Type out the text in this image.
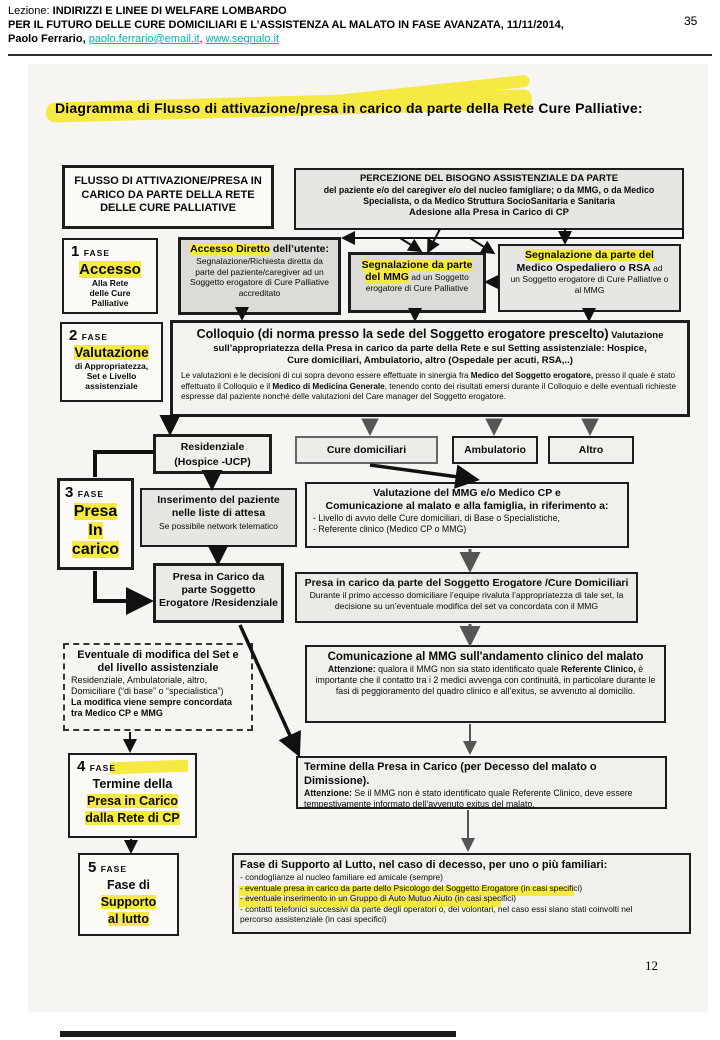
Lezione: INDIRIZZI E LINEE DI WELFARE LOMBARDO
PER IL FUTURO DELLE CURE DOMICILIARI E L’ASSISTENZA AL MALATO IN FASE AVANZATA, 11/11/2014,
Paolo Ferrario, paolo.ferrario@email.it, www.segnalo.it
35
Diagramma di Flusso di attivazione/presa in carico da parte della Rete Cure Palliative:
FLUSSO DI ATTIVAZIONE/PRESA IN CARICO DA PARTE DELLA RETE DELLE CURE PALLIATIVE
PERCEZIONE DEL BISOGNO ASSISTENZIALE DA PARTE
del paziente e/o del caregiver e/o del nucleo famigliare; o da MMG, o da Medico Specialista, o da Medico Struttura SocioSanitaria e Sanitaria
Adesione alla Presa in Carico di CP
1 FASE
Accesso
Alla Rete
delle Cure
Palliative
Accesso Diretto dell’utente:
Segnalazione/Richiesta diretta da parte del paziente/caregiver ad un Soggetto erogatore di Cure Palliative accreditato
Segnalazione da parte
del MMG ad un Soggetto
erogatore di Cure Palliative
Segnalazione da parte del
Medico Ospedaliero o RSA ad
un Soggetto erogatore di Cure Palliative o al MMG
2 FASE
Valutazione
di Appropriatezza,
Set e Livello
assistenziale
Colloquio (di norma presso la sede del Soggetto erogatore prescelto) Valutazione
sull’appropriatezza della Presa in carico da parte della Rete e sul Setting assistenziale: Hospice,
Cure domiciliari, Ambulatorio, altro (Ospedale per acuti, RSA,..)
Le valutazioni e le decisioni di cui sopra devono essere effettuate in sinergia fra Medico del Soggetto erogatore, presso il quale è stato effettuato il Colloquio e il Medico di Medicina Generale, tenendo conto dei risultati emersi durante il Colloquio e delle eventuali richieste espresse dal paziente nonché delle valutazioni del Care manager del Soggetto erogatore.
Residenziale
(Hospice -UCP)
Cure domiciliari	Ambulatorio	Altro
3 FASE
Presa
In
carico
Inserimento del paziente
nelle liste di attesa
Se possibile network telematico
Valutazione del MMG e/o Medico CP e
Comunicazione al malato e alla famiglia, in riferimento a:
- Livello di avvio delle Cure domiciliari, di Base o Specialistiche,
- Referente clinico (Medico CP o MMG)
Presa in Carico da
parte Soggetto
Erogatore /Residenziale
Presa in carico da parte del Soggetto Erogatore /Cure Domiciliari
Durante il primo accesso domiciliare l’equipe rivaluta l’appropriatezza di tale set, la decisione su un’eventuale modifica del set va concordata con il MMG
Eventuale di modifica del Set e
del livello assistenziale
Residenziale, Ambulatoriale, altro,
Domiciliare (“di base” o “specialistica”)
La modifica viene sempre concordata
tra Medico CP e MMG
Comunicazione al MMG sull'andamento clinico del malato
Attenzione: qualora il MMG non sia stato identificato quale Referente Clinico, è importante che il contatto tra i 2 medici avvenga con continuità, in particolare durante le fasi di peggioramento del quadro clinico e all’exitus, se avvenuto al domicilio.
4 FASE
Termine della
Presa in Carico
dalla Rete di CP
Termine della Presa in Carico (per Decesso del malato o Dimissione).
Attenzione: Se il MMG non è stato identificato quale Referente Clinico, deve essere tempestivamente informato dell’avvenuto exitus del malato.
5 FASE
Fase di
Supporto
al lutto
Fase di Supporto al Lutto, nel caso di decesso, per uno o più familiari:
- condoglianze al nucleo familiare ed amicale (sempre)
- eventuale presa in carico da parte dello Psicologo del Soggetto Erogatore (in casi specifici)
- eventuale inserimento in un Gruppo di Auto Mutuo Aiuto (in casi specifici)
- contatti telefonici successivi da parte degli operatori o, dei volontari, nel caso essi siano stati coinvolti nel percorso assistenziale (in casi specifici)
12
